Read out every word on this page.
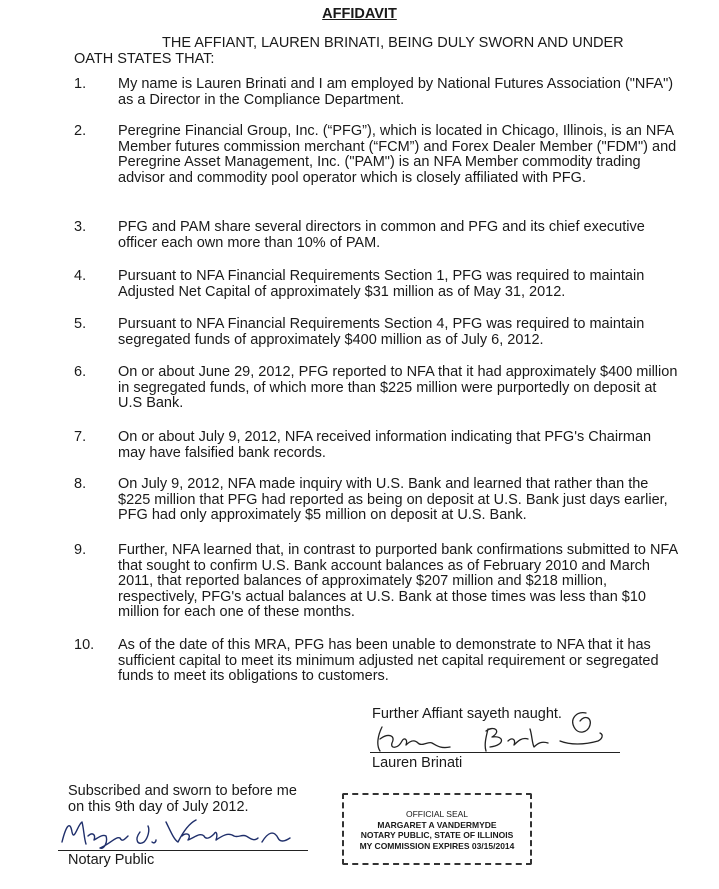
AFFIDAVIT

THE AFFIANT, LAUREN BRINATI, BEING DULY SWORN AND UNDER
OATH STATES THAT:

1. My name is Lauren Brinati and I am employed by National Futures Association ("NFA") as a Director in the Compliance Department.
2. Peregrine Financial Group, Inc. (“PFG”), which is located in Chicago, Illinois, is an NFA Member futures commission merchant (“FCM”) and Forex Dealer Member ("FDM") and Peregrine Asset Management, Inc. ("PAM") is an NFA Member commodity trading advisor and commodity pool operator which is closely affiliated with PFG.
3. PFG and PAM share several directors in common and PFG and its chief executive officer each own more than 10% of PAM.
4. Pursuant to NFA Financial Requirements Section 1, PFG was required to maintain Adjusted Net Capital of approximately $31 million as of May 31, 2012.
5. Pursuant to NFA Financial Requirements Section 4, PFG was required to maintain segregated funds of approximately $400 million as of July 6, 2012.
6. On or about June 29, 2012, PFG reported to NFA that it had approximately $400 million in segregated funds, of which more than $225 million were purportedly on deposit at U.S Bank.
7. On or about July 9, 2012, NFA received information indicating that PFG's Chairman may have falsified bank records.
8. On July 9, 2012, NFA made inquiry with U.S. Bank and learned that rather than the $225 million that PFG had reported as being on deposit at U.S. Bank just days earlier, PFG had only approximately $5 million on deposit at U.S. Bank.
9. Further, NFA learned that, in contrast to purported bank confirmations submitted to NFA that sought to confirm U.S. Bank account balances as of February 2010 and March 2011, that reported balances of approximately $207 million and $218 million, respectively, PFG's actual balances at U.S. Bank at those times was less than $10 million for each one of these months.
10. As of the date of this MRA, PFG has been unable to demonstrate to NFA that it has sufficient capital to meet its minimum adjusted net capital requirement or segregated funds to meet its obligations to customers.
Further Affiant sayeth naught.
Lauren Brinati
Subscribed and sworn to before me
on this 9th day of July 2012.
Notary Public
OFFICIAL SEAL
MARGARET A VANDERMYDE
NOTARY PUBLIC, STATE OF ILLINOIS
MY COMMISSION EXPIRES 03/15/2014
